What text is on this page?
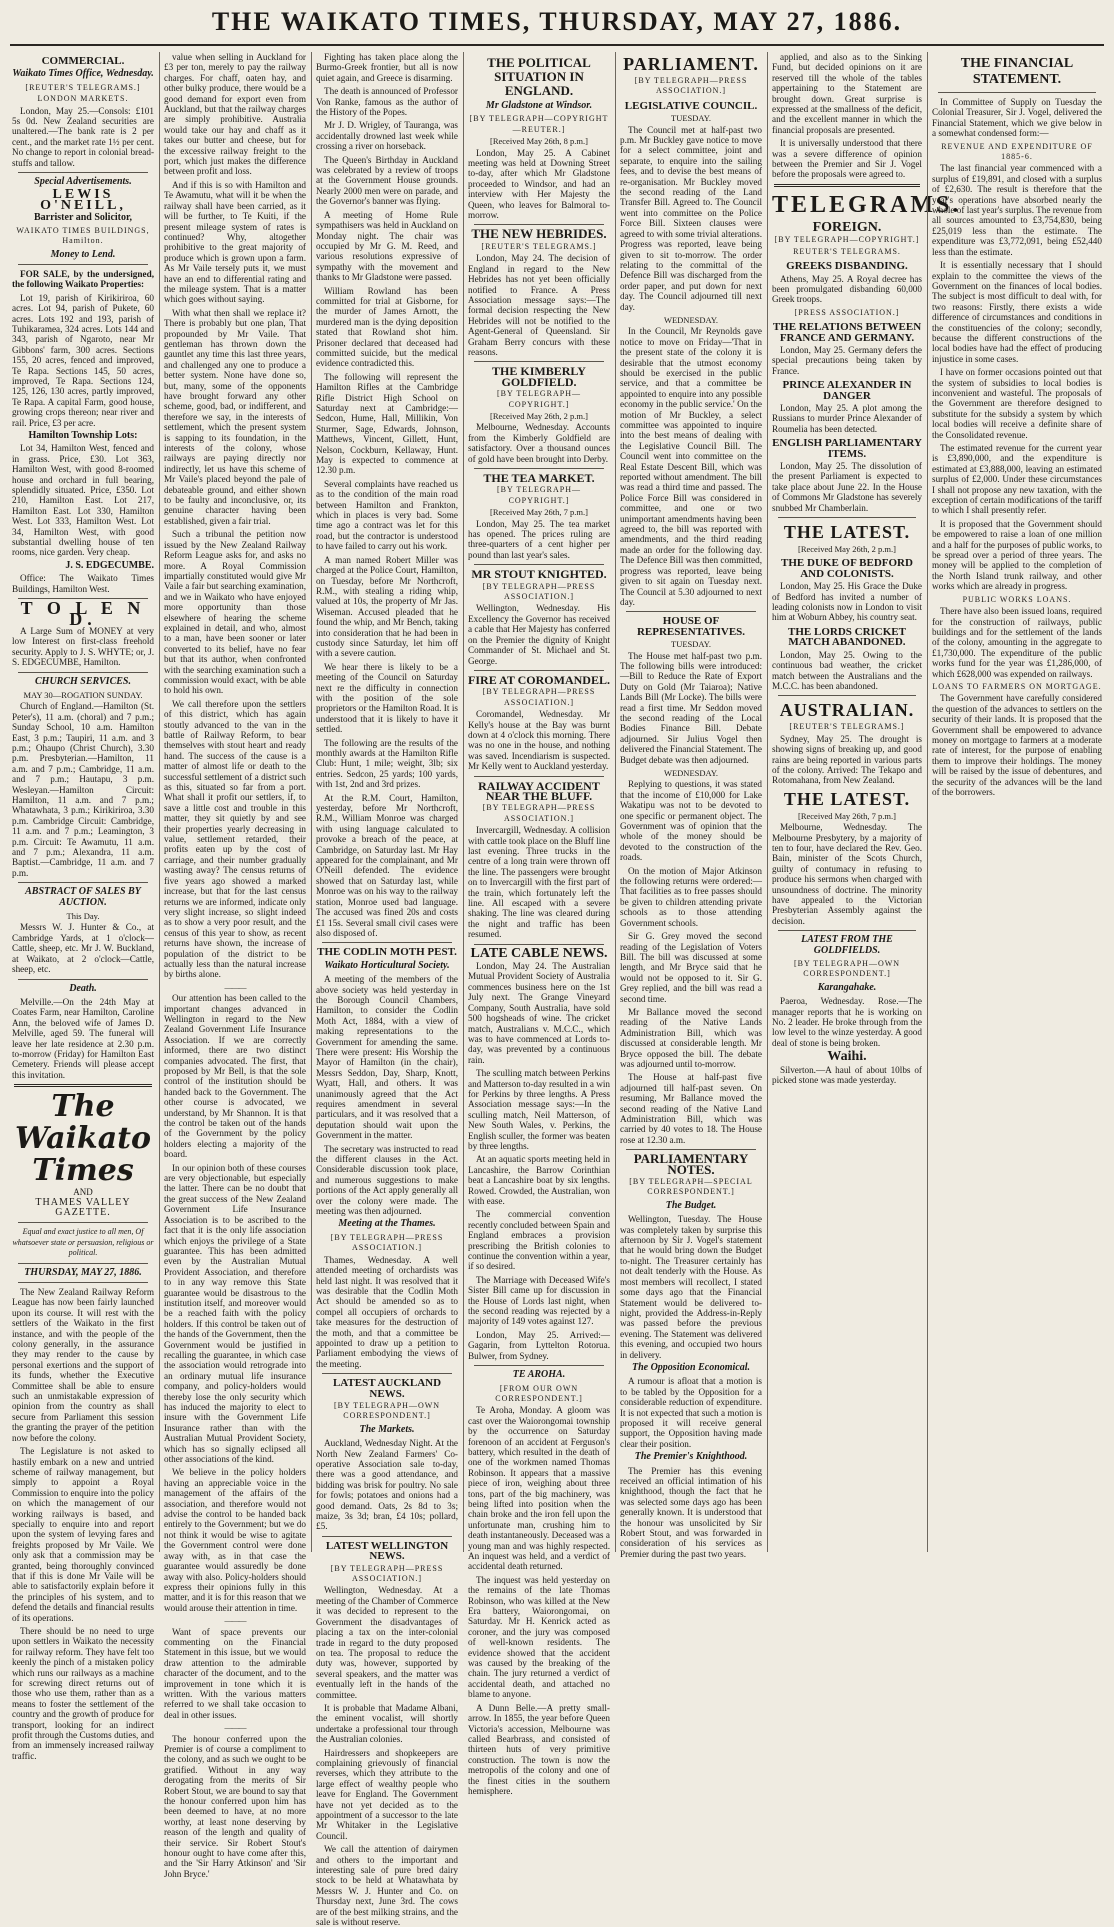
THE WAIKATO TIMES, THURSDAY, MAY 27, 1886.
COMMERCIAL.
Waikato Times Office, Wednesday.
[REUTER'S TELEGRAMS.]
LONDON MARKETS.

London, May 25.—Consols: £101 5s 0d. New Zealand securities are unaltered.—The bank rate is 2 per cent., and the market rate 1½ per cent. No change to report in colonial bread-stuffs and tallow.

Special Advertisements.
LEWIS O'NEILL,
Barrister and Solicitor,
WAIKATO TIMES BUILDINGS, Hamilton.
Money to Lend.

FOR SALE, by the undersigned, the following Waikato Properties:

Lot 19, parish of Kirikiriroa, 60 acres. Lot 94, parish of Pukete, 60 acres. Lots 192 and 193, parish of Tuhikaramea, 324 acres. Lots 144 and 343, parish of Ngaroto, near Mr Gibbons' farm, 300 acres. Sections 155, 20 acres, fenced and improved, Te Rapa. Sections 145, 50 acres, improved, Te Rapa. Sections 124, 125, 126, 130 acres, partly improved, Te Rapa. A capital Farm, good house, growing crops thereon; near river and rail. Price, £3 per acre.

Hamilton Township Lots:

Lot 34, Hamilton West, fenced and in grass. Price, £30. Lot 363, Hamilton West, with good 8-roomed house and orchard in full bearing, splendidly situated. Price, £350. Lot 210, Hamilton East. Lot 217, Hamilton East. Lot 330, Hamilton West. Lot 333, Hamilton West. Lot 34, Hamilton West, with good substantial dwelling house of ten rooms, nice garden. Very cheap.

J. S. EDGECUMBE.

Office: The Waikato Times Buildings, Hamilton West.

T O L E N D.

A Large Sum of MONEY at very low Interest on first-class freehold security. Apply to J. S. WHYTE; or, J. S. EDGECUMBE, Hamilton.

CHURCH SERVICES.
MAY 30—ROGATION SUNDAY.

Church of England.—Hamilton (St. Peter's), 11 a.m. (choral) and 7 p.m.; Sunday School, 10 a.m. Hamilton East, 3 p.m.; Taupiri, 11 a.m. and 3 p.m.; Ohaupo (Christ Church), 3.30 p.m. Presbyterian.—Hamilton, 11 a.m. and 7 p.m.; Cambridge, 11 a.m. and 7 p.m.; Hautapu, 3 p.m. Wesleyan.—Hamilton Circuit: Hamilton, 11 a.m. and 7 p.m.; Whatawhata, 3 p.m.; Kirikiriroa, 3.30 p.m. Cambridge Circuit: Cambridge, 11 a.m. and 7 p.m.; Leamington, 3 p.m. Circuit: Te Awamutu, 11 a.m. and 7 p.m.; Alexandra, 11 a.m. Baptist.—Cambridge, 11 a.m. and 7 p.m.

ABSTRACT OF SALES BY AUCTION.
This Day.

Messrs W. J. Hunter & Co., at Cambridge Yards, at 1 o'clock—Cattle, sheep, etc. Mr J. W. Buckland, at Waikato, at 2 o'clock—Cattle, sheep, etc.

Death.

Melville.—On the 24th May at Coates Farm, near Hamilton, Caroline Ann, the beloved wife of James D. Melville, aged 59. The funeral will leave her late residence at 2.30 p.m. to-morrow (Friday) for Hamilton East Cemetery. Friends will please accept this invitation.

The Waikato Times
AND
THAMES VALLEY GAZETTE.
Equal and exact justice to all men, Of whatsoever state or persuasion, religious or political.
THURSDAY, MAY 27, 1886.

The New Zealand Railway Reform League has now been fairly launched upon its course. It will rest with the settlers of the Waikato in the first instance, and with the people of the colony generally, in the assurance they may render to the cause by personal exertions and the support of its funds, whether the Executive Committee shall be able to ensure such an unmistakable expression of opinion from the country as shall secure from Parliament this session the granting the prayer of the petition now before the colony.

The Legislature is not asked to hastily embark on a new and untried scheme of railway management, but simply to appoint a Royal Commission to enquire into the policy on which the management of our working railways is based, and specially to enquire into and report upon the system of levying fares and freights proposed by Mr Vaile. We only ask that a commission may be granted, being thoroughly convinced that if this is done Mr Vaile will be able to satisfactorily explain before it the principles of his system, and to defend the details and financial results of its operations.

There should be no need to urge upon settlers in Waikato the necessity for railway reform. They have felt too keenly the pinch of a mistaken policy which runs our railways as a machine for screwing direct returns out of those who use them, rather than as a means to foster the settlement of the country and the growth of produce for transport, looking for an indirect profit through the Customs duties, and from an immensely increased railway traffic.

value when selling in Auckland for £3 per ton, merely to pay the railway charges. For chaff, oaten hay, and other bulky produce, there would be a good demand for export even from Auckland, but that the railway charges are simply prohibitive. Australia would take our hay and chaff as it takes our butter and cheese, but for the excessive railway freight to the port, which just makes the difference between profit and loss.

And if this is so with Hamilton and Te Awamutu, what will it be when the railway shall have been carried, as it will be further, to Te Kuiti, if the present mileage system of rates is continued? Why, altogether prohibitive to the great majority of produce which is grown upon a farm. As Mr Vaile tersely puts it, we must have an end to differential rating and the mileage system. That is a matter which goes without saying.

With what then shall we replace it? There is probably but one plan, That propounded by Mr Vaile. That gentleman has thrown down the gauntlet any time this last three years, and challenged any one to produce a better system. None have done so, but, many, some of the opponents have brought forward any other scheme, good, bad, or indifferent, and therefore we say, in the interests of settlement, which the present system is sapping to its foundation, in the interests of the colony, whose railways are paying directly nor indirectly, let us have this scheme of Mr Vaile's placed beyond the pale of debateable ground, and either shown to be faulty and inconclusive, or, its genuine character having been established, given a fair trial.

Such a tribunal the petition now issued by the New Zealand Railway Reform League asks for, and asks no more. A Royal Commission impartially constituted would give Mr Vaile a fair but searching examination, and we in Waikato who have enjoyed more opportunity than those elsewhere of hearing the scheme explained in detail, and who, almost to a man, have been sooner or later converted to its belief, have no fear but that its author, when confronted with the searching examination such a commission would exact, with be able to hold his own.

We call therefore upon the settlers of this district, which has again stoutly advanced to the van in the battle of Railway Reform, to bear themselves with stout heart and ready hand. The success of the cause is a matter of almost life or death to the successful settlement of a district such as this, situated so far from a port. What shall it profit our settlers, if, to save a little cost and trouble in this matter, they sit quietly by and see their properties yearly decreasing in value, settlement retarded, their profits eaten up by the cost of carriage, and their number gradually wasting away? The census returns of five years ago showed a marked increase, but that for the last census returns we are informed, indicate only very slight increase, so slight indeed as to show a very poor result, and the census of this year to show, as recent returns have shown, the increase of population of the district to be actually less than the natural increase by births alone.

———

Our attention has been called to the important changes advanced in Wellington in regard to the New Zealand Government Life Insurance Association. If we are correctly informed, there are two distinct companies advocated. The first, that proposed by Mr Bell, is that the sole control of the institution should be handed back to the Government. The other course is advocated, we understand, by Mr Shannon. It is that the control be taken out of the hands of the Government by the policy holders electing a majority of the board.

In our opinion both of these courses are very objectionable, but especially the latter. There can be no doubt that the great success of the New Zealand Government Life Insurance Association is to be ascribed to the fact that it is the only life association which enjoys the privilege of a State guarantee. This has been admitted even by the Australian Mutual Provident Association, and therefore to in any way remove this State guarantee would be disastrous to the institution itself, and moreover would be a reached faith with the policy holders. If this control be taken out of the hands of the Government, then the Government would be justified in recalling the guarantee, in which case the association would retrograde into an ordinary mutual life insurance company, and policy-holders would thereby lose the only security which has induced the majority to elect to insure with the Government Life Insurance rather than with the Australian Mutual Provident Society, which has so signally eclipsed all other associations of the kind.

We believe in the policy holders having an appreciable voice in the management of the affairs of the association, and therefore would not advise the control to be handed back entirely to the Government; but we do not think it would be wise to agitate the Government control were done away with, as in that case the guarantee would assuredly be done away with also. Policy-holders should express their opinions fully in this matter, and it is for this reason that we would arouse their attention in time.

———

Want of space prevents our commenting on the Financial Statement in this issue, but we would draw attention to the admirable character of the document, and to the improvement in tone which it is written. With the various matters referred to we shall take occasion to deal in other issues.

———

The honour conferred upon the Premier is of course a compliment to the colony, and as such we ought to be gratified. Without in any way derogating from the merits of Sir Robert Stout, we are bound to say that the honour conferred upon him has been deemed to have, at no more worthy, at least none deserving by reason of the length and quality of their service. Sir Robert Stout's honour ought to have come after this, and the 'Sir Harry Atkinson' and 'Sir John Bryce.'

Fighting has taken place along the Burmo-Greek frontier, but all is now quiet again, and Greece is disarming.

The death is announced of Professor Von Ranke, famous as the author of the History of the Popes.

Mr J. D. Wrigley, of Tauranga, was accidentally drowned last week while crossing a river on horseback.

The Queen's Birthday in Auckland was celebrated by a review of troops at the Government House grounds. Nearly 2000 men were on parade, and the Governor's banner was flying.

A meeting of Home Rule sympathisers was held in Auckland on Monday night. The chair was occupied by Mr G. M. Reed, and various resolutions expressive of sympathy with the movement and thanks to Mr Gladstone were passed.

William Rowland has been committed for trial at Gisborne, for the murder of James Arnott, the murdered man is the dying deposition stated that Rowland shot him. Prisoner declared that deceased had committed suicide, but the medical evidence contradicted this.

The following will represent the Hamilton Rifles at the Cambridge Rifle District High School on Saturday next at Cambridge:—Sedcon, Hume, Hall, Millikin, Von Sturmer, Sage, Edwards, Johnson, Matthews, Vincent, Gillett, Hunt, Nelson, Cockburn, Kellaway, Hunt. May is expected to commence at 12.30 p.m.

Several complaints have reached us as to the condition of the main road between Hamilton and Frankton, which in places is very bad. Some time ago a contract was let for this road, but the contractor is understood to have failed to carry out his work.

A man named Robert Miller was charged at the Police Court, Hamilton, on Tuesday, before Mr Northcroft, R.M., with stealing a riding whip, valued at 10s, the property of Mr Jas. Wiseman. Accused pleaded that he found the whip, and Mr Bench, taking into consideration that he had been in custody since Saturday, let him off with a severe caution.

We hear there is likely to be a meeting of the Council on Saturday next re the difficulty in connection with the position of the sole proprietors or the Hamilton Road. It is understood that it is likely to have it settled.

The following are the results of the monthly awards at the Hamilton Rifle Club: Hunt, 1 mile; weight, 3lb; six entries. Sedcon, 25 yards; 100 yards, with 1st, 2nd and 3rd prizes.

At the R.M. Court, Hamilton, yesterday, before Mr Northcroft, R.M., William Monroe was charged with using language calculated to provoke a breach of the peace, at Cambridge, on Saturday last. Mr Hay appeared for the complainant, and Mr O'Neill defended. The evidence showed that on Saturday last, while Monroe was on his way to the railway station, Monroe used bad language. The accused was fined 20s and costs £1 15s. Several small civil cases were also disposed of.

THE CODLIN MOTH PEST.
Waikato Horticultural Society.

A meeting of the members of the above society was held yesterday in the Borough Council Chambers, Hamilton, to consider the Codlin Moth Act, 1884, with a view of making representations to the Government for amending the same. There were present: His Worship the Mayor of Hamilton (in the chair), Messrs Seddon, Day, Sharp, Knott, Wyatt, Hall, and others. It was unanimously agreed that the Act requires amendment in several particulars, and it was resolved that a deputation should wait upon the Government in the matter.

The secretary was instructed to read the different clauses in the Act. Considerable discussion took place, and numerous suggestions to make portions of the Act apply generally all over the colony were made. The meeting was then adjourned.

Meeting at the Thames.
[BY TELEGRAPH—PRESS ASSOCIATION.]

Thames, Wednesday. A well attended meeting of orchardists was held last night. It was resolved that it was desirable that the Codlin Moth Act should be amended so as to compel all occupiers of orchards to take measures for the destruction of the moth, and that a committee be appointed to draw up a petition to Parliament embodying the views of the meeting.

LATEST AUCKLAND NEWS.
[BY TELEGRAPH—OWN CORRESPONDENT.]
The Markets.

Auckland, Wednesday Night. At the North New Zealand Farmers' Co-operative Association sale to-day, there was a good attendance, and bidding was brisk for poultry. No sale for fowls; potatoes and onions had a good demand. Oats, 2s 8d to 3s; maize, 3s 3d; bran, £4 10s; pollard, £5.

LATEST WELLINGTON NEWS.
[BY TELEGRAPH—PRESS ASSOCIATION.]

Wellington, Wednesday. At a meeting of the Chamber of Commerce it was decided to represent to the Government the disadvantages of placing a tax on the inter-colonial trade in regard to the duty proposed on tea. The proposal to reduce the duty was, however, supported by several speakers, and the matter was eventually left in the hands of the committee.

It is probable that Madame Albani, the eminent vocalist, will shortly undertake a professional tour through the Australian colonies.

Hairdressers and shopkeepers are complaining grievously of financial reverses, which they attribute to the large effect of wealthy people who leave for England. The Government have not yet decided as to the appointment of a successor to the late Mr Whitaker in the Legislative Council.

We call the attention of dairymen and others to the important and interesting sale of pure bred dairy stock to be held at Whatawhata by Messrs W. J. Hunter and Co. on Thursday next, June 3rd. The cows are of the best milking strains, and the sale is without reserve.

THE POLITICAL SITUATION IN ENGLAND.
Mr Gladstone at Windsor.
[BY TELEGRAPH—COPYRIGHT—REUTER.]
[Received May 26th, 8 p.m.]

London, May 25. A Cabinet meeting was held at Downing Street to-day, after which Mr Gladstone proceeded to Windsor, and had an interview with Her Majesty the Queen, who leaves for Balmoral to-morrow.

THE NEW HEBRIDES.
[REUTER'S TELEGRAMS.]

London, May 24. The decision of England in regard to the New Hebrides has not yet been officially notified to France. A Press Association message says:—The formal decision respecting the New Hebrides will not be notified to the Agent-General of Queensland. Sir Graham Berry concurs with these reasons.

THE KIMBERLY GOLDFIELD.
[BY TELEGRAPH—COPYRIGHT.]
[Received May 26th, 2 p.m.]

Melbourne, Wednesday. Accounts from the Kimberly Goldfield are satisfactory. Over a thousand ounces of gold have been brought into Derby.

THE TEA MARKET.
[BY TELEGRAPH—COPYRIGHT.]
[Received May 26th, 7 p.m.]

London, May 25. The tea market has opened. The prices ruling are three-quarters of a cent higher per pound than last year's sales.

MR STOUT KNIGHTED.
[BY TELEGRAPH—PRESS ASSOCIATION.]

Wellington, Wednesday. His Excellency the Governor has received a cable that Her Majesty has conferred on the Premier the dignity of Knight Commander of St. Michael and St. George.

FIRE AT COROMANDEL.
[BY TELEGRAPH—PRESS ASSOCIATION.]

Coromandel, Wednesday. Mr Kelly's house at the Bay was burnt down at 4 o'clock this morning. There was no one in the house, and nothing was saved. Incendiarism is suspected. Mr Kelly went to Auckland yesterday.

RAILWAY ACCIDENT NEAR THE BLUFF.
[BY TELEGRAPH—PRESS ASSOCIATION.]

Invercargill, Wednesday. A collision with cattle took place on the Bluff line last evening. Three trucks in the centre of a long train were thrown off the line. The passengers were brought on to Invercargill with the first part of the train, which fortunately left the line. All escaped with a severe shaking. The line was cleared during the night and traffic has been resumed.

LATE CABLE NEWS.

London, May 24. The Australian Mutual Provident Society of Australia commences business here on the 1st July next. The Grange Vineyard Company, South Australia, have sold 500 hogsheads of wine. The cricket match, Australians v. M.C.C., which was to have commenced at Lords to-day, was prevented by a continuous rain.

The sculling match between Perkins and Matterson to-day resulted in a win for Perkins by three lengths. A Press Association message says:—In the sculling match, Neil Matterson, of New South Wales, v. Perkins, the English sculler, the former was beaten by three lengths.

At an aquatic sports meeting held in Lancashire, the Barrow Corinthian beat a Lancashire boat by six lengths. Rowed. Crowded, the Australian, won with ease.

The commercial convention recently concluded between Spain and England embraces a provision prescribing the British colonies to continue the convention within a year, if so desired.

The Marriage with Deceased Wife's Sister Bill came up for discussion in the House of Lords last night, when the second reading was rejected by a majority of 149 votes against 127.

London, May 25. Arrived:—Gagarin, from Lyttelton Rotorua. Bulwer, from Sydney.

TE AROHA.
[FROM OUR OWN CORRESPONDENT.]

Te Aroha, Monday. A gloom was cast over the Waiorongomai township by the occurrence on Saturday forenoon of an accident at Ferguson's battery, which resulted in the death of one of the workmen named Thomas Robinson. It appears that a massive piece of iron, weighing about three tons, part of the big machinery, was being lifted into position when the chain broke and the iron fell upon the unfortunate man, crushing him to death instantaneously. Deceased was a young man and was highly respected. An inquest was held, and a verdict of accidental death returned.

The inquest was held yesterday on the remains of the late Thomas Robinson, who was killed at the New Era battery, Waiorongomai, on Saturday. Mr H. Kenrick acted as coroner, and the jury was composed of well-known residents. The evidence showed that the accident was caused by the breaking of the chain. The jury returned a verdict of accidental death, and attached no blame to anyone.

A Dunn Belle.—A pretty small-arrow. In 1855, the year before Queen Victoria's accession, Melbourne was called Bearbrass, and consisted of thirteen huts of very primitive construction. The town is now the metropolis of the colony and one of the finest cities in the southern hemisphere.

PARLIAMENT.
[BY TELEGRAPH—PRESS ASSOCIATION.]
LEGISLATIVE COUNCIL.
TUESDAY.

The Council met at half-past two p.m. Mr Buckley gave notice to move for a select committee, joint and separate, to enquire into the sailing fees, and to devise the best means of re-organisation. Mr Buckley moved the second reading of the Land Transfer Bill. Agreed to. The Council went into committee on the Police Force Bill. Sixteen clauses were agreed to with some trivial alterations. Progress was reported, leave being given to sit to-morrow. The order relating to the committal of the Defence Bill was discharged from the order paper, and put down for next day. The Council adjourned till next day.

WEDNESDAY.

In the Council, Mr Reynolds gave notice to move on Friday—'That in the present state of the colony it is desirable that the utmost economy should be exercised in the public service, and that a committee be appointed to enquire into any possible economy in the public service.' On the motion of Mr Buckley, a select committee was appointed to inquire into the best means of dealing with the Legislative Council Bill. The Council went into committee on the Real Estate Descent Bill, which was reported without amendment. The bill was read a third time and passed. The Police Force Bill was considered in committee, and one or two unimportant amendments having been agreed to, the bill was reported with amendments, and the third reading made an order for the following day. The Defence Bill was then committed, progress was reported, leave being given to sit again on Tuesday next. The Council at 5.30 adjourned to next day.

HOUSE OF REPRESENTATIVES.
TUESDAY.

The House met half-past two p.m. The following bills were introduced:—Bill to Reduce the Rate of Export Duty on Gold (Mr Taiaroa); Native Lands Bill (Mr Locke). The bills were read a first time. Mr Seddon moved the second reading of the Local Bodies Finance Bill. Debate adjourned. Sir Julius Vogel then delivered the Financial Statement. The Budget debate was then adjourned.

WEDNESDAY.

Replying to questions, it was stated that the income of £10,000 for Lake Wakatipu was not to be devoted to one specific or permanent object. The Government was of opinion that the whole of the money should be devoted to the construction of the roads.

On the motion of Major Atkinson the following returns were ordered:—That facilities as to free passes should be given to children attending private schools as to those attending Government schools.

Sir G. Grey moved the second reading of the Legislation of Voters Bill. The bill was discussed at some length, and Mr Bryce said that he would not be opposed to it. Sir G. Grey replied, and the bill was read a second time.

Mr Ballance moved the second reading of the Native Lands Administration Bill, which was discussed at considerable length. Mr Bryce opposed the bill. The debate was adjourned until to-morrow.

The House at half-past five adjourned till half-past seven. On resuming, Mr Ballance moved the second reading of the Native Land Administration Bill, which was carried by 40 votes to 18. The House rose at 12.30 a.m.

PARLIAMENTARY NOTES.
[BY TELEGRAPH—SPECIAL CORRESPONDENT.]
The Budget.

Wellington, Tuesday. The House was completely taken by surprise this afternoon by Sir J. Vogel's statement that he would bring down the Budget to-night. The Treasurer certainly has not dealt tenderly with the House. As most members will recollect, I stated some days ago that the Financial Statement would be delivered to-night, provided the Address-in-Reply was passed before the previous evening. The Statement was delivered this evening, and occupied two hours in delivery.

The Opposition Economical.

A rumour is afloat that a motion is to be tabled by the Opposition for a considerable reduction of expenditure. It is not expected that such a motion is proposed it will receive general support, the Opposition having made clear their position.

The Premier's Knighthood.

The Premier has this evening received an official intimation of his knighthood, though the fact that he was selected some days ago has been generally known. It is understood that the honour was unsolicited by Sir Robert Stout, and was forwarded in consideration of his services as Premier during the past two years.

applied, and also as to the Sinking Fund, but decided opinions on it are reserved till the whole of the tables appertaining to the Statement are brought down. Great surprise is expressed at the smallness of the deficit, and the excellent manner in which the financial proposals are presented.

It is universally understood that there was a severe difference of opinion between the Premier and Sir J. Vogel before the proposals were agreed to.

TELEGRAMS.
FOREIGN.
[BY TELEGRAPH—COPYRIGHT.]
REUTER'S TELEGRAMS.
GREEKS DISBANDING.

Athens, May 25. A Royal decree has been promulgated disbanding 60,000 Greek troops.

[PRESS ASSOCIATION.]
THE RELATIONS BETWEEN FRANCE AND GERMANY.

London, May 25. Germany defers the special precautions being taken by France.

PRINCE ALEXANDER IN DANGER

London, May 25. A plot among the Russians to murder Prince Alexander of Roumelia has been detected.

ENGLISH PARLIAMENTARY ITEMS.

London, May 25. The dissolution of the present Parliament is expected to take place about June 22. In the House of Commons Mr Gladstone has severely snubbed Mr Chamberlain.

THE LATEST.
[Received May 26th, 2 p.m.]
THE DUKE OF BEDFORD AND COLONISTS.

London, May 25. His Grace the Duke of Bedford has invited a number of leading colonists now in London to visit him at Woburn Abbey, his country seat.

THE LORDS CRICKET MATCH ABANDONED.

London, May 25. Owing to the continuous bad weather, the cricket match between the Australians and the M.C.C. has been abandoned.

AUSTRALIAN.
[REUTER'S TELEGRAMS.]

Sydney, May 25. The drought is showing signs of breaking up, and good rains are being reported in various parts of the colony. Arrived: The Tekapo and Rotomahana, from New Zealand.

THE LATEST.
[Received May 26th, 7 p.m.]

Melbourne, Wednesday. The Melbourne Presbytery, by a majority of ten to four, have declared the Rev. Geo. Bain, minister of the Scots Church, guilty of contumacy in refusing to produce his sermons when charged with unsoundness of doctrine. The minority have appealed to the Victorian Presbyterian Assembly against the decision.

LATEST FROM THE GOLDFIELDS.
[BY TELEGRAPH—OWN CORRESPONDENT.]
Karangahake.

Paeroa, Wednesday. Rose.—The manager reports that he is working on No. 2 leader. He broke through from the low level to the winze yesterday. A good deal of stone is being broken.

Waihi.

Silverton.—A haul of about 10lbs of picked stone was made yesterday.

THE FINANCIAL STATEMENT.

In Committee of Supply on Tuesday the Colonial Treasurer, Sir J. Vogel, delivered the Financial Statement, which we give below in a somewhat condensed form:—

REVENUE AND EXPENDITURE OF 1885-6.

The last financial year commenced with a surplus of £19,891, and closed with a surplus of £2,630. The result is therefore that the year's operations have absorbed nearly the whole of last year's surplus. The revenue from all sources amounted to £3,754,830, being £25,019 less than the estimate. The expenditure was £3,772,091, being £52,440 less than the estimate.

It is essentially necessary that I should explain to the committee the views of the Government on the finances of local bodies. The subject is most difficult to deal with, for two reasons: Firstly, there exists a wide difference of circumstances and conditions in the constituencies of the colony; secondly, because the different constructions of the local bodies have had the effect of producing injustice in some cases.

I have on former occasions pointed out that the system of subsidies to local bodies is inconvenient and wasteful. The proposals of the Government are therefore designed to substitute for the subsidy a system by which local bodies will receive a definite share of the Consolidated revenue.

The estimated revenue for the current year is £3,890,000, and the expenditure is estimated at £3,888,000, leaving an estimated surplus of £2,000. Under these circumstances I shall not propose any new taxation, with the exception of certain modifications of the tariff to which I shall presently refer.

It is proposed that the Government should be empowered to raise a loan of one million and a half for the purposes of public works, to be spread over a period of three years. The money will be applied to the completion of the North Island trunk railway, and other works which are already in progress.

PUBLIC WORKS LOANS.

There have also been issued loans, required for the construction of railways, public buildings and for the settlement of the lands of the colony, amounting in the aggregate to £1,730,000. The expenditure of the public works fund for the year was £1,286,000, of which £628,000 was expended on railways.

LOANS TO FARMERS ON MORTGAGE.

The Government have carefully considered the question of the advances to settlers on the security of their lands. It is proposed that the Government shall be empowered to advance money on mortgage to farmers at a moderate rate of interest, for the purpose of enabling them to improve their holdings. The money will be raised by the issue of debentures, and the security of the advances will be the land of the borrowers.
